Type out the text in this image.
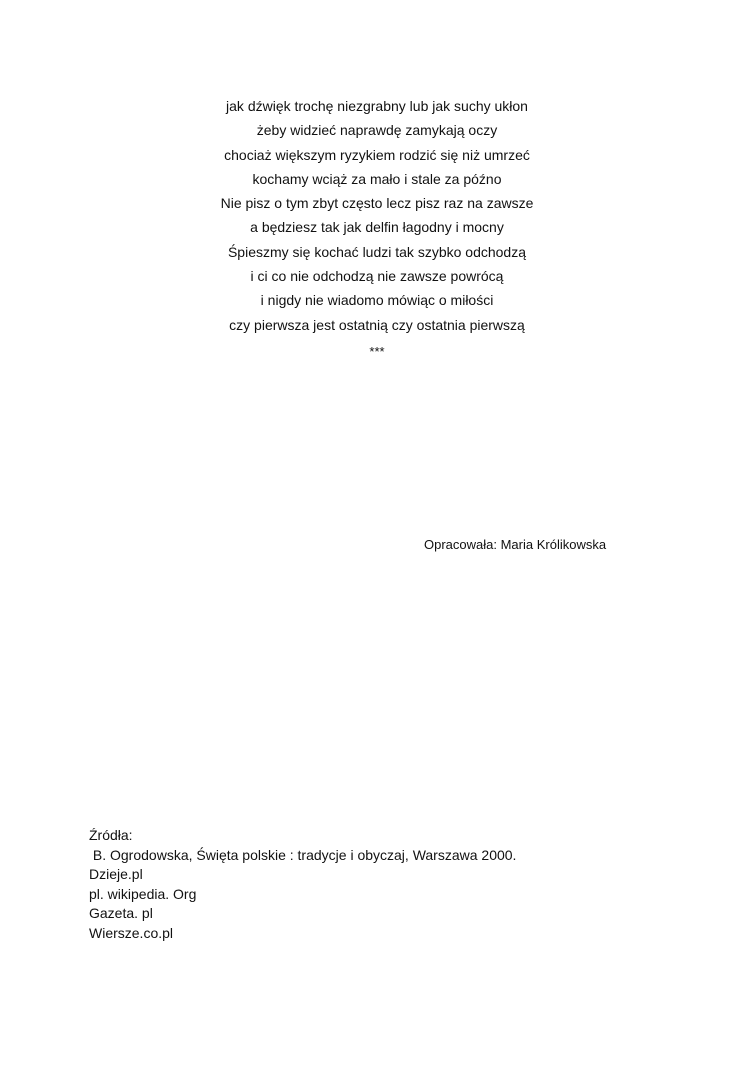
jak dźwięk trochę niezgrabny lub jak suchy ukłon
żeby widzieć naprawdę zamykają oczy
chociaż większym ryzykiem rodzić się niż umrzeć
kochamy wciąż za mało i stale za późno
Nie pisz o tym zbyt często lecz pisz raz na zawsze
a będziesz tak jak delfin łagodny i mocny
Śpieszmy się kochać ludzi tak szybko odchodzą
i ci co nie odchodzą nie zawsze powrócą
i nigdy nie wiadomo mówiąc o miłości
czy pierwsza jest ostatnią czy ostatnia pierwszą
***
Opracowała: Maria Królikowska
Źródła:
B. Ogrodowska, Święta polskie : tradycje i obyczaj, Warszawa 2000.
Dzieje.pl
pl. wikipedia. Org
Gazeta. pl
Wiersze.co.pl
